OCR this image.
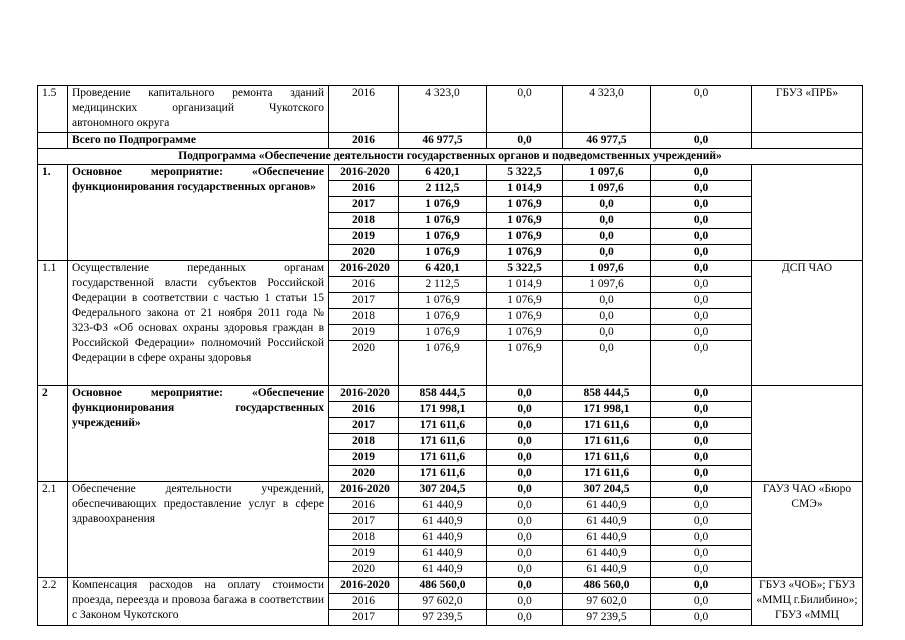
1.5	Проведение капитального ремонта зданий медицинских организаций Чукотского автономного округа	2016	4 323,0	0,0	4 323,0	0,0	ГБУЗ «ПРБ»
	Всего по Подпрограмме	2016	46 977,5	0,0	46 977,5	0,0	
Подпрограмма «Обеспечение деятельности государственных органов и подведомственных учреждений»							
1.	Основное мероприятие: «Обеспечение функционирования государственных органов»	2016-2020	6 420,1	5 322,5	1 097,6	0,0	
		2016	2 112,5	1 014,9	1 097,6	0,0	
		2017	1 076,9	1 076,9	0,0	0,0	
		2018	1 076,9	1 076,9	0,0	0,0	
		2019	1 076,9	1 076,9	0,0	0,0	
		2020	1 076,9	1 076,9	0,0	0,0	
1.1	Осуществление переданных органам государственной власти субъектов Российской Федерации в соответствии с частью 1 статьи 15 Федерального закона от 21 ноября 2011 года № 323-ФЗ «Об основах охраны здоровья граждан в Российской Федерации» полномочий Российской Федерации в сфере охраны здоровья	2016-2020	6 420,1	5 322,5	1 097,6	0,0	ДСП ЧАО
		2016	2 112,5	1 014,9	1 097,6	0,0	
		2017	1 076,9	1 076,9	0,0	0,0	
		2018	1 076,9	1 076,9	0,0	0,0	
		2019	1 076,9	1 076,9	0,0	0,0	
		2020	1 076,9	1 076,9	0,0	0,0	
2	Основное мероприятие: «Обеспечение функционирования государственных учреждений»	2016-2020	858 444,5	0,0	858 444,5	0,0	
		2016	171 998,1	0,0	171 998,1	0,0	
		2017	171 611,6	0,0	171 611,6	0,0	
		2018	171 611,6	0,0	171 611,6	0,0	
		2019	171 611,6	0,0	171 611,6	0,0	
		2020	171 611,6	0,0	171 611,6	0,0	
2.1	Обеспечение деятельности учреждений, обеспечивающих предоставление услуг в сфере здравоохранения	2016-2020	307 204,5	0,0	307 204,5	0,0	ГАУЗ ЧАО «Бюро СМЭ»
		2016	61 440,9	0,0	61 440,9	0,0	
		2017	61 440,9	0,0	61 440,9	0,0	
		2018	61 440,9	0,0	61 440,9	0,0	
		2019	61 440,9	0,0	61 440,9	0,0	
		2020	61 440,9	0,0	61 440,9	0,0	
2.2	Компенсация расходов на оплату стоимости проезда, переезда и провоза багажа в соответствии с Законом Чукотского	2016-2020	486 560,0	0,0	486 560,0	0,0	ГБУЗ «ЧОБ»; ГБУЗ «ММЦ г.Билибино»; ГБУЗ «ММЦ
		2016	97 602,0	0,0	97 602,0	0,0	
		2017	97 239,5	0,0	97 239,5	0,0	
